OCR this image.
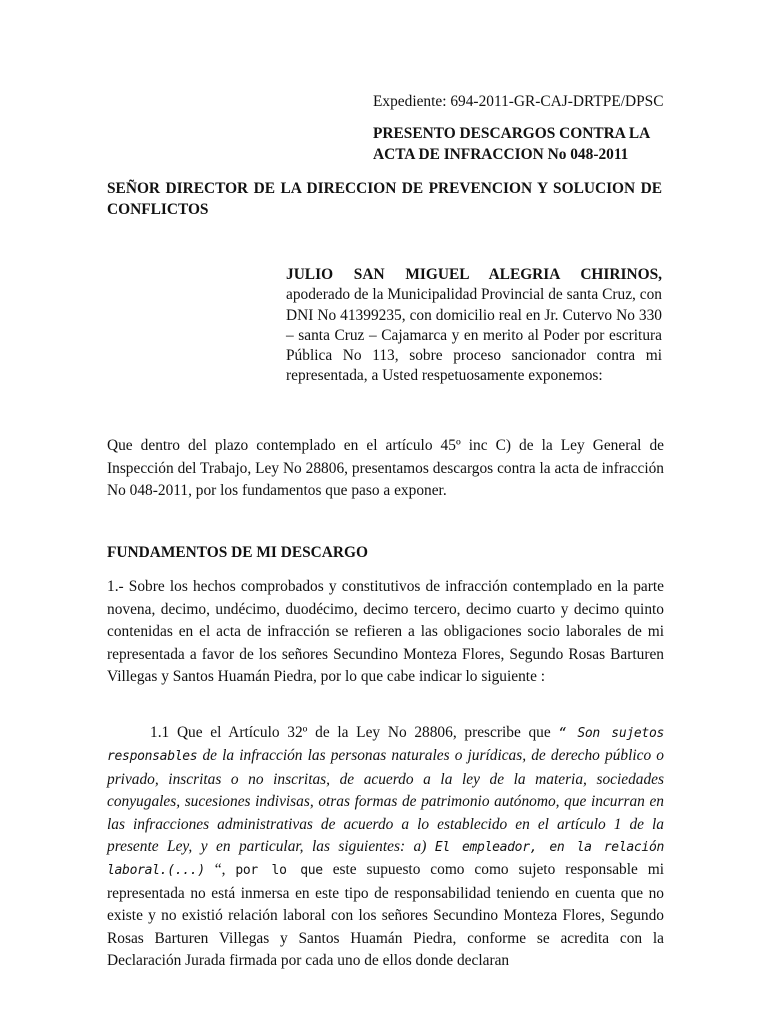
Expediente: 694-2011-GR-CAJ-DRTPE/DPSC

PRESENTO DESCARGOS CONTRA LA
ACTA DE INFRACCION No 048-2011

SEÑOR DIRECTOR DE LA DIRECCION DE PREVENCION Y SOLUCION DE CONFLICTOS

JULIO SAN MIGUEL ALEGRIA CHIRINOS, apoderado de la Municipalidad Provincial de santa Cruz, con DNI No 41399235, con domicilio real en Jr. Cutervo No 330 – santa Cruz – Cajamarca y en merito al Poder por escritura Pública No 113, sobre proceso sancionador contra mi representada, a Usted respetuosamente exponemos:

Que dentro del plazo contemplado en el artículo 45º inc C) de la Ley General de Inspección del Trabajo, Ley No 28806, presentamos descargos contra la acta de infracción No 048-2011, por los fundamentos que paso a exponer.

FUNDAMENTOS DE MI DESCARGO

1.- Sobre los hechos comprobados y constitutivos de infracción contemplado en la parte novena, decimo, undécimo, duodécimo, decimo tercero, decimo cuarto y decimo quinto contenidas en el acta de infracción se refieren a las obligaciones socio laborales de mi representada a favor de los señores Secundino Monteza Flores, Segundo Rosas Barturen Villegas y Santos Huamán Piedra, por lo que cabe indicar lo siguiente :

1.1 Que el Artículo 32º de la Ley No 28806, prescribe que “ Son sujetos responsables de la infracción las personas naturales o jurídicas, de derecho público o privado, inscritas o no inscritas, de acuerdo a la ley de la materia, sociedades conyugales, sucesiones indivisas, otras formas de patrimonio autónomo, que incurran en las infracciones administrativas de acuerdo a lo establecido en el artículo 1 de la presente Ley, y en particular, las siguientes: a) El empleador, en la relación laboral.(...) “, por lo que este supuesto como como sujeto responsable mi representada no está inmersa en este tipo de responsabilidad teniendo en cuenta que no existe y no existió relación laboral con los señores Secundino Monteza Flores, Segundo Rosas Barturen Villegas y Santos Huamán Piedra, conforme se acredita con la Declaración Jurada firmada por cada uno de ellos donde declaran
